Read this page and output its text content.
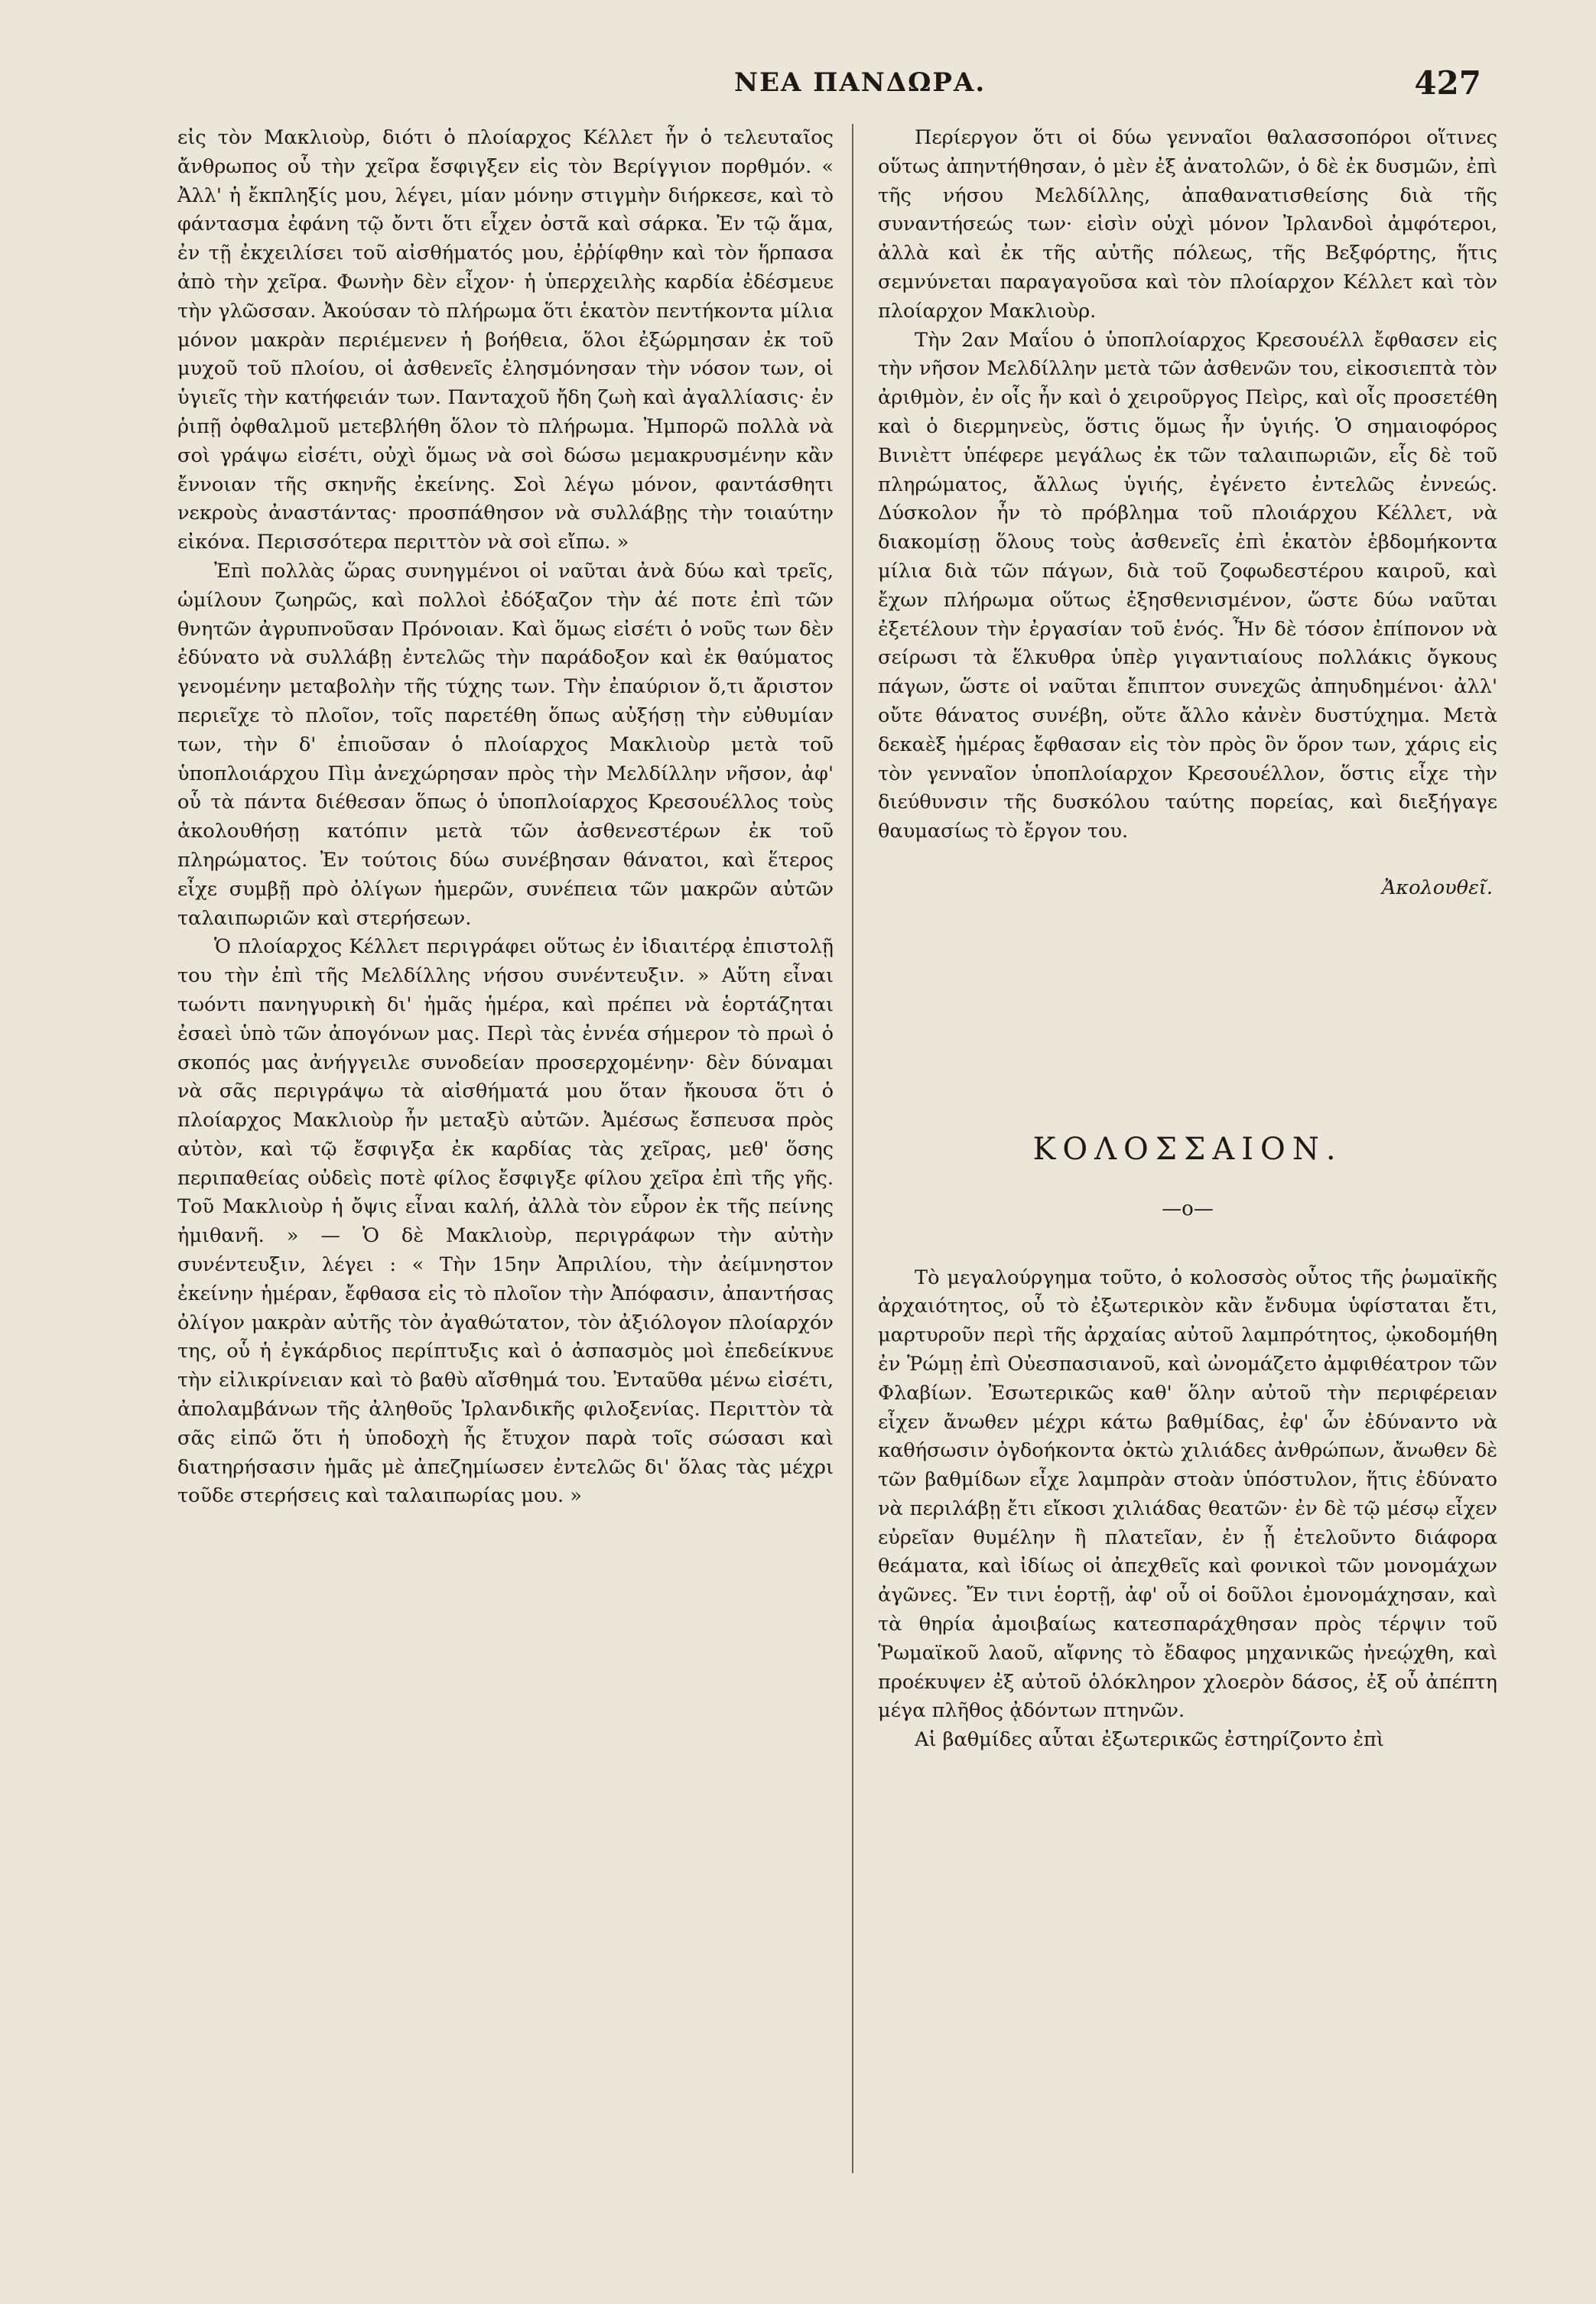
ΝΕΑ ΠΑΝΔΩΡΑ.	427

εἰς τὸν Μακλιοὺρ, διότι ὁ πλοίαρχος Κέλλετ ἦν ὁ τελευταῖος ἄνθρωπος οὗ τὴν χεῖρα ἔσφιγξεν εἰς τὸν Βερίγγιον πορθμόν. « Ἀλλ' ἡ ἔκπληξίς μου, λέγει, μίαν μόνην στιγμὴν διήρκεσε, καὶ τὸ φάντασμα ἐφάνη τῷ ὄντι ὅτι εἶχεν ὀστᾶ καὶ σάρκα. Ἐν τῷ ἅμα, ἐν τῇ ἐκχειλίσει τοῦ αἰσθήματός μου, ἐῤῥίφθην καὶ τὸν ἥρπασα ἀπὸ τὴν χεῖρα. Φωνὴν δὲν εἶχον· ἡ ὑπερχειλὴς καρδία ἐδέσμευε τὴν γλῶσσαν. Ἀκούσαν τὸ πλήρωμα ὅτι ἑκατὸν πεντήκοντα μίλια μόνον μακρὰν περιέμενεν ἡ βοήθεια, ὅλοι ἐξώρμησαν ἐκ τοῦ μυχοῦ τοῦ πλοίου, οἱ ἀσθενεῖς ἐλησμόνησαν τὴν νόσον των, οἱ ὑγιεῖς τὴν κατήφειάν των. Πανταχοῦ ἤδη ζωὴ καὶ ἀγαλλίασις· ἐν ῥιπῇ ὀφθαλμοῦ μετεβλήθη ὅλον τὸ πλήρωμα. Ἠμπορῶ πολλὰ νὰ σοὶ γράψω εἰσέτι, οὐχὶ ὅμως νὰ σοὶ δώσω μεμακρυσμένην κἂν ἔννοιαν τῆς σκηνῆς ἐκείνης. Σοὶ λέγω μόνον, φαντάσθητι νεκροὺς ἀναστάντας· προσπάθησον νὰ συλλάβῃς τὴν τοιαύτην εἰκόνα. Περισσότερα περιττὸν νὰ σοὶ εἴπω. »

Ἐπὶ πολλὰς ὥρας συνηγμένοι οἱ ναῦται ἀνὰ δύω καὶ τρεῖς, ὡμίλουν ζωηρῶς, καὶ πολλοὶ ἐδόξαζον τὴν ἀέ ποτε ἐπὶ τῶν θνητῶν ἀγρυπνοῦσαν Πρόνοιαν. Καὶ ὅμως εἰσέτι ὁ νοῦς των δὲν ἐδύνατο νὰ συλλάβῃ ἐντελῶς τὴν παράδοξον καὶ ἐκ θαύματος γενομένην μεταβολὴν τῆς τύχης των. Τὴν ἐπαύριον ὅ,τι ἄριστον περιεῖχε τὸ πλοῖον, τοῖς παρετέθη ὅπως αὐξήσῃ τὴν εὐθυμίαν των, τὴν δ' ἐπιοῦσαν ὁ πλοίαρχος Μακλιοὺρ μετὰ τοῦ ὑποπλοιάρχου Πὶμ ἀνεχώρησαν πρὸς τὴν Μελδίλλην νῆσον, ἀφ' οὗ τὰ πάντα διέθεσαν ὅπως ὁ ὑποπλοίαρχος Κρεσουέλλος τοὺς ἀκολουθήσῃ κατόπιν μετὰ τῶν ἀσθενεστέρων ἐκ τοῦ πληρώματος. Ἐν τούτοις δύω συνέβησαν θάνατοι, καὶ ἕτερος εἶχε συμβῇ πρὸ ὀλίγων ἡμερῶν, συνέπεια τῶν μακρῶν αὐτῶν ταλαιπωριῶν καὶ στερήσεων.

Ὁ πλοίαρχος Κέλλετ περιγράφει οὕτως ἐν ἰδιαιτέρᾳ ἐπιστολῇ του τὴν ἐπὶ τῆς Μελδίλλης νήσου συνέντευξιν. » Αὕτη εἶναι τωόντι πανηγυρικὴ δι' ἡμᾶς ἡμέρα, καὶ πρέπει νὰ ἑορτάζηται ἐσαεὶ ὑπὸ τῶν ἀπογόνων μας. Περὶ τὰς ἐννέα σήμερον τὸ πρωὶ ὁ σκοπός μας ἀνήγγειλε συνοδείαν προσερχομένην· δὲν δύναμαι νὰ σᾶς περιγράψω τὰ αἰσθήματά μου ὅταν ἤκουσα ὅτι ὁ πλοίαρχος Μακλιοὺρ ἦν μεταξὺ αὐτῶν. Ἀμέσως ἔσπευσα πρὸς αὐτὸν, καὶ τῷ ἔσφιγξα ἐκ καρδίας τὰς χεῖρας, μεθ' ὅσης περιπαθείας οὐδεὶς ποτὲ φίλος ἔσφιγξε φίλου χεῖρα ἐπὶ τῆς γῆς. Τοῦ Μακλιοὺρ ἡ ὄψις εἶναι καλή, ἀλλὰ τὸν εὗρον ἐκ τῆς πείνης ἠμιθανῆ. » — Ὁ δὲ Μακλιοὺρ, περιγράφων τὴν αὐτὴν συνέντευξιν, λέγει : « Τὴν 15ην Ἀπριλίου, τὴν ἀείμνηστον ἐκείνην ἡμέραν, ἔφθασα εἰς τὸ πλοῖον τὴν Ἀπόφασιν, ἀπαντήσας ὀλίγον μακρὰν αὐτῆς τὸν ἀγαθώτατον, τὸν ἀξιόλογον πλοίαρχόν της, οὗ ἡ ἐγκάρδιος περίπτυξις καὶ ὁ ἀσπασμὸς μοὶ ἐπεδείκνυε τὴν εἰλικρίνειαν καὶ τὸ βαθὺ αἴσθημά του. Ἐνταῦθα μένω εἰσέτι, ἀπολαμβάνων τῆς ἀληθοῦς Ἰρλανδικῆς φιλοξενίας. Περιττὸν τὰ σᾶς εἰπῶ ὅτι ἡ ὑποδοχὴ ἧς ἔτυχον παρὰ τοῖς σώσασι καὶ διατηρήσασιν ἡμᾶς μὲ ἀπεζημίωσεν ἐντελῶς δι' ὅλας τὰς μέχρι τοῦδε στερήσεις καὶ ταλαιπωρίας μου. »

Περίεργον ὅτι οἱ δύω γενναῖοι θαλασσοπόροι οἵτινες οὕτως ἀπηντήθησαν, ὁ μὲν ἐξ ἀνατολῶν, ὁ δὲ ἐκ δυσμῶν, ἐπὶ τῆς νήσου Μελδίλλης, ἀπαθανατισθείσης διὰ τῆς συναντήσεώς των· εἰσὶν οὐχὶ μόνον Ἰρλανδοὶ ἀμφότεροι, ἀλλὰ καὶ ἐκ τῆς αὐτῆς πόλεως, τῆς Βεξφόρτης, ἥτις σεμνύνεται παραγαγοῦσα καὶ τὸν πλοίαρχον Κέλλετ καὶ τὸν πλοίαρχον Μακλιοὺρ.

Τὴν 2αν Μαΐου ὁ ὑποπλοίαρχος Κρεσουέλλ ἔφθασεν εἰς τὴν νῆσον Μελδίλλην μετὰ τῶν ἀσθενῶν του, εἰκοσιεπτὰ τὸν ἀριθμὸν, ἐν οἷς ἦν καὶ ὁ χειροῦργος Πεὶρς, καὶ οἷς προσετέθη καὶ ὁ διερμηνεὺς, ὅστις ὅμως ἦν ὑγιής. Ὁ σημαιοφόρος Βινιὲττ ὑπέφερε μεγάλως ἐκ τῶν ταλαιπωριῶν, εἷς δὲ τοῦ πληρώματος, ἄλλως ὑγιής, ἐγένετο ἐντελῶς ἐννεώς. Δύσκολον ἦν τὸ πρόβλημα τοῦ πλοιάρχου Κέλλετ, νὰ διακομίσῃ ὅλους τοὺς ἀσθενεῖς ἐπὶ ἑκατὸν ἑβδομήκοντα μίλια διὰ τῶν πάγων, διὰ τοῦ ζοφωδεστέρου καιροῦ, καὶ ἔχων πλήρωμα οὕτως ἐξησθενισμένον, ὥστε δύω ναῦται ἐξετέλουν τὴν ἐργασίαν τοῦ ἑνός. Ἦν δὲ τόσον ἐπίπονον νὰ σείρωσι τὰ ἕλκυθρα ὑπὲρ γιγαντιαίους πολλάκις ὄγκους πάγων, ὥστε οἱ ναῦται ἔπιπτον συνεχῶς ἀπηυδημένοι· ἀλλ' οὔτε θάνατος συνέβη, οὔτε ἄλλο κἀνὲν δυστύχημα. Μετὰ δεκαὲξ ἡμέρας ἔφθασαν εἰς τὸν πρὸς ὃν ὅρον των, χάρις εἰς τὸν γενναῖον ὑποπλοίαρχον Κρεσουέλλον, ὅστις εἶχε τὴν διεύθυνσιν τῆς δυσκόλου ταύτης πορείας, καὶ διεξήγαγε θαυμασίως τὸ ἔργον του.

Ἀκολουθεῖ.

ΚΟΛΟΣΣΑΙΟΝ.

—o—

Τὸ μεγαλούργημα τοῦτο, ὁ κολοσσὸς οὗτος τῆς ῥωμαϊκῆς ἀρχαιότητος, οὗ τὸ ἐξωτερικὸν κἂν ἔνδυμα ὑφίσταται ἔτι, μαρτυροῦν περὶ τῆς ἀρχαίας αὐτοῦ λαμπρότητος, ᾠκοδομήθη ἐν Ῥώμῃ ἐπὶ Οὐεσπασιανοῦ, καὶ ὠνομάζετο ἀμφιθέατρον τῶν Φλαβίων. Ἐσωτερικῶς καθ' ὅλην αὐτοῦ τὴν περιφέρειαν εἶχεν ἄνωθεν μέχρι κάτω βαθμίδας, ἐφ' ὧν ἐδύναντο νὰ καθήσωσιν ὀγδοήκοντα ὀκτὼ χιλιάδες ἀνθρώπων, ἄνωθεν δὲ τῶν βαθμίδων εἶχε λαμπρὰν στοὰν ὑπόστυλον, ἥτις ἐδύνατο νὰ περιλάβῃ ἔτι εἴκοσι χιλιάδας θεατῶν· ἐν δὲ τῷ μέσῳ εἶχεν εὐρεῖαν θυμέλην ἢ πλατεῖαν, ἐν ᾗ ἐτελοῦντο διάφορα θεάματα, καὶ ἰδίως οἱ ἀπεχθεῖς καὶ φονικοὶ τῶν μονομάχων ἀγῶνες. Ἔν τινι ἑορτῇ, ἀφ' οὗ οἱ δοῦλοι ἐμονομάχησαν, καὶ τὰ θηρία ἀμοιβαίως κατεσπαράχθησαν πρὸς τέρψιν τοῦ Ῥωμαϊκοῦ λαοῦ, αἴφνης τὸ ἔδαφος μηχανικῶς ἠνεῴχθη, καὶ προέκυψεν ἐξ αὐτοῦ ὁλόκληρον χλοερὸν δάσος, ἐξ οὗ ἀπέπτη μέγα πλῆθος ᾀδόντων πτηνῶν.

Αἱ βαθμίδες αὗται ἐξωτερικῶς ἐστηρίζοντο ἐπὶ
